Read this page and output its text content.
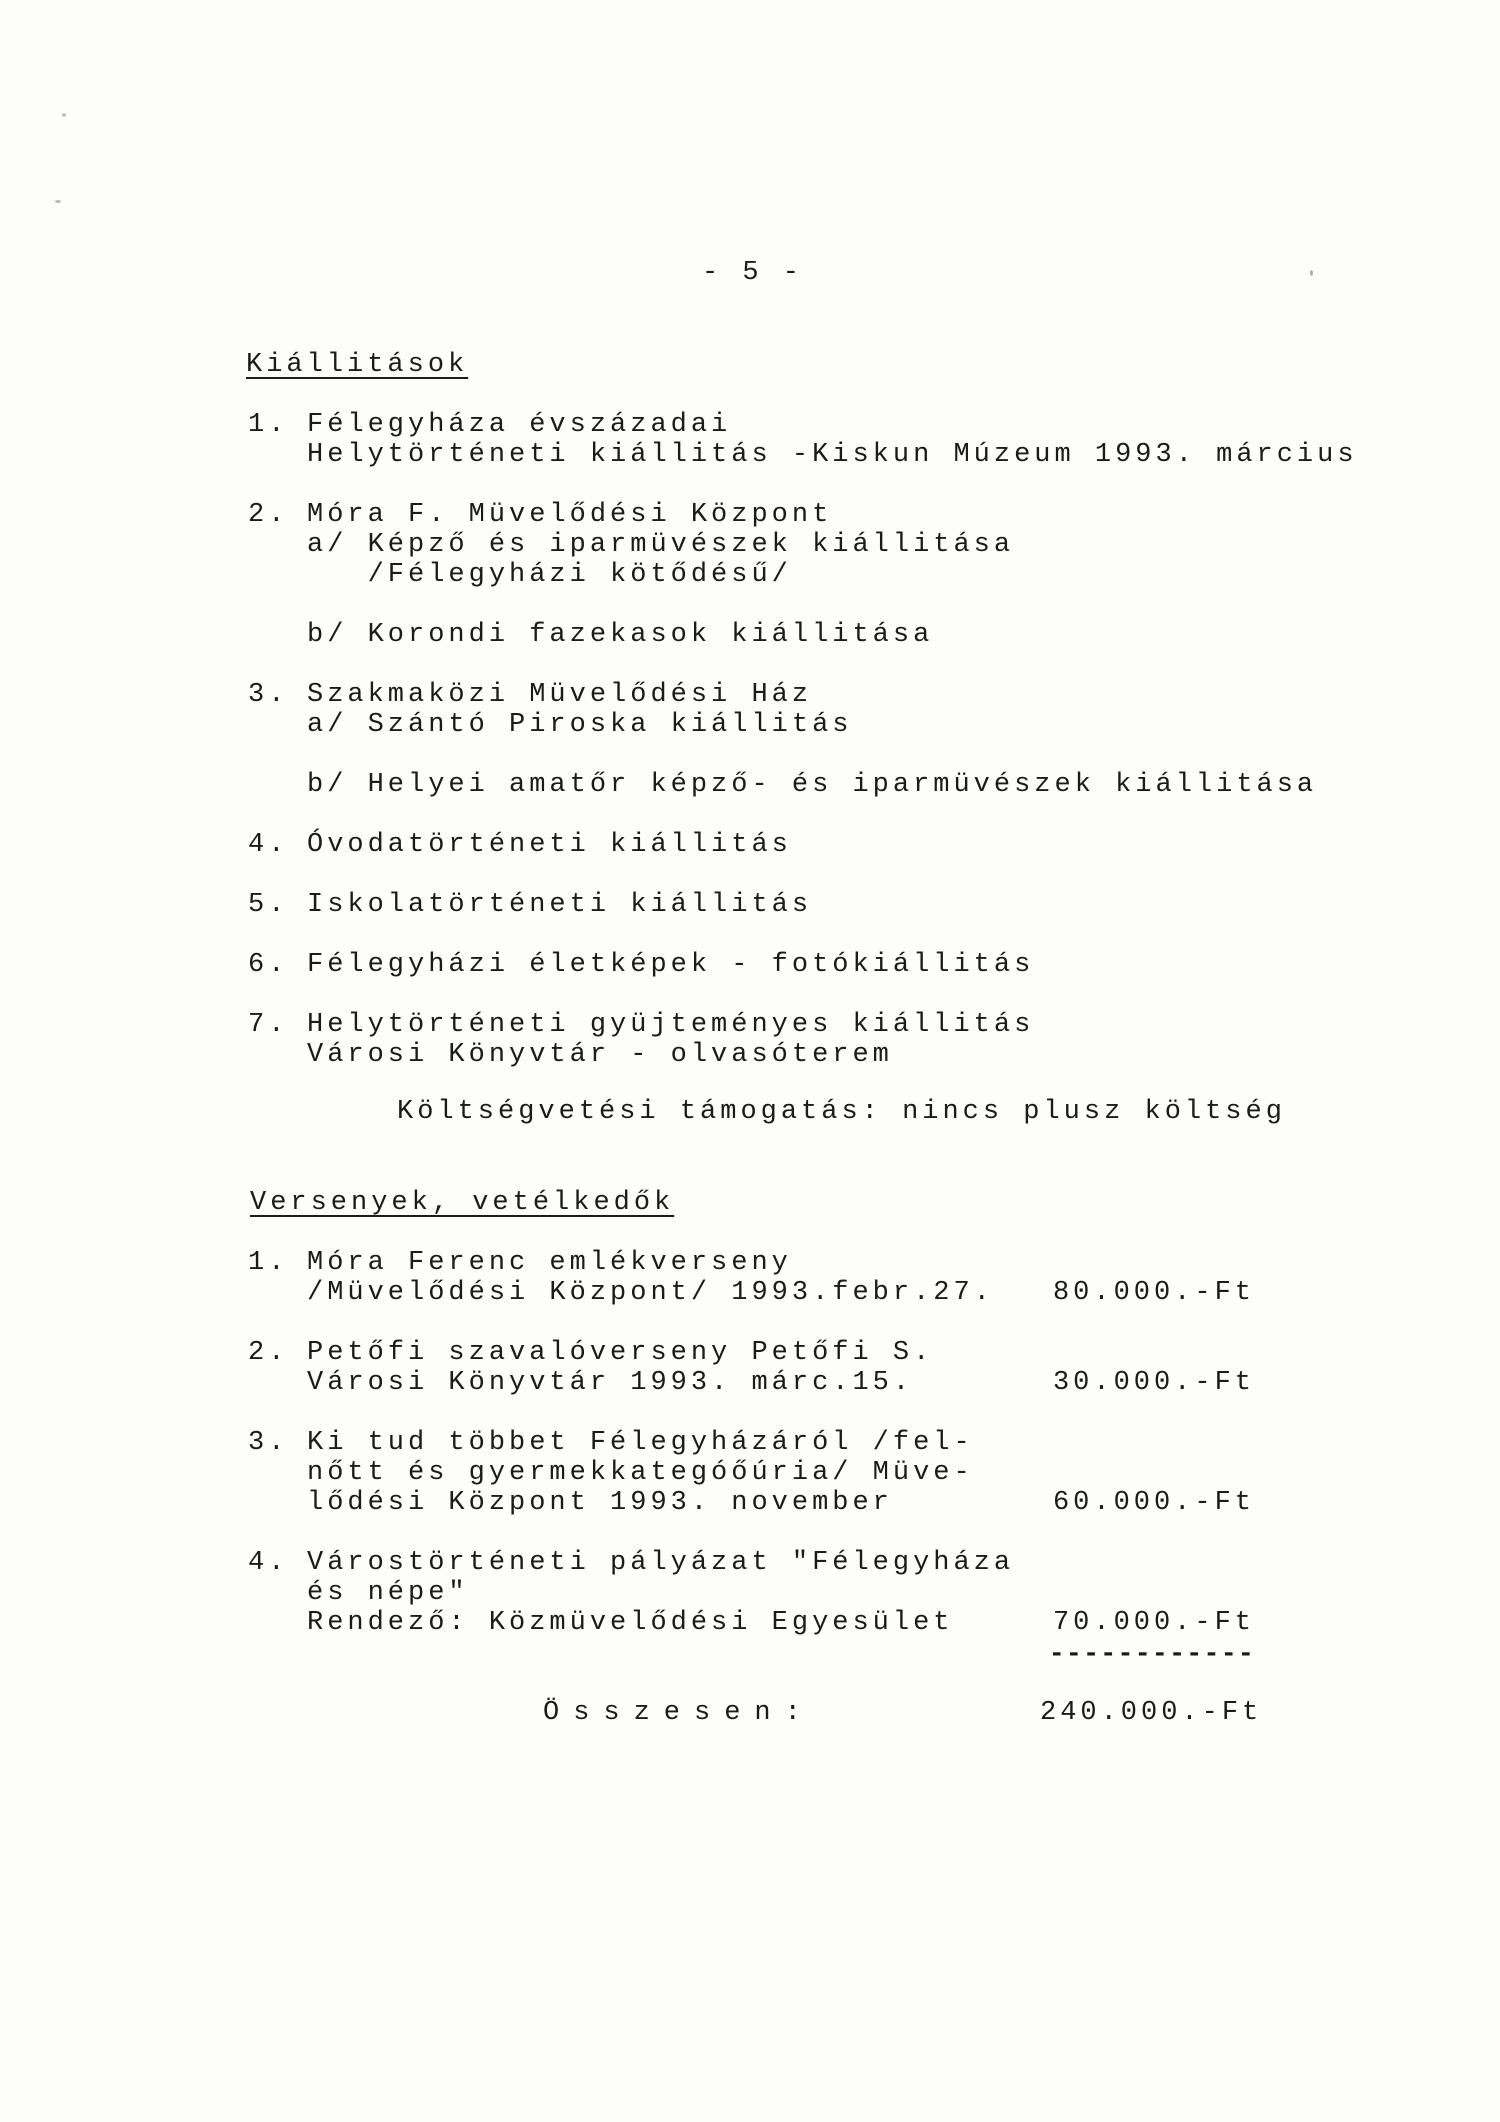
- 5 -
Kiállitások
1. Félegyháza évszázadai
Helytörténeti kiállitás -Kiskun Múzeum 1993. március
2. Móra F. Müvelődési Központ
a/ Képző és iparmüvészek kiállitása
/Félegyházi kötődésű/
b/ Korondi fazekasok kiállitása
3. Szakmaközi Müvelődési Ház
a/ Szántó Piroska kiállitás
b/ Helyei amatőr képző- és iparmüvészek kiállitása
4. Óvodatörténeti kiállitás
5. Iskolatörténeti kiállitás
6. Félegyházi életképek - fotókiállitás
7. Helytörténeti gyüjteményes kiállitás
Városi Könyvtár - olvasóterem
Költségvetési támogatás: nincs plusz költség
Versenyek, vetélkedők
1. Móra Ferenc emlékverseny
/Müvelődési Központ/ 1993.febr.27.	80.000.-Ft
2. Petőfi szavalóverseny Petőfi S.
Városi Könyvtár 1993. márc.15.	30.000.-Ft
3. Ki tud többet Félegyházáról /fel-
nőtt és gyermekkategóőúria/ Müve-
lődési Központ 1993. november	60.000.-Ft
4. Várostörténeti pályázat "Félegyháza
és népe"
Rendező: Közmüvelődési Egyesület	70.000.-Ft
------------
Összesen:	240.000.-Ft
